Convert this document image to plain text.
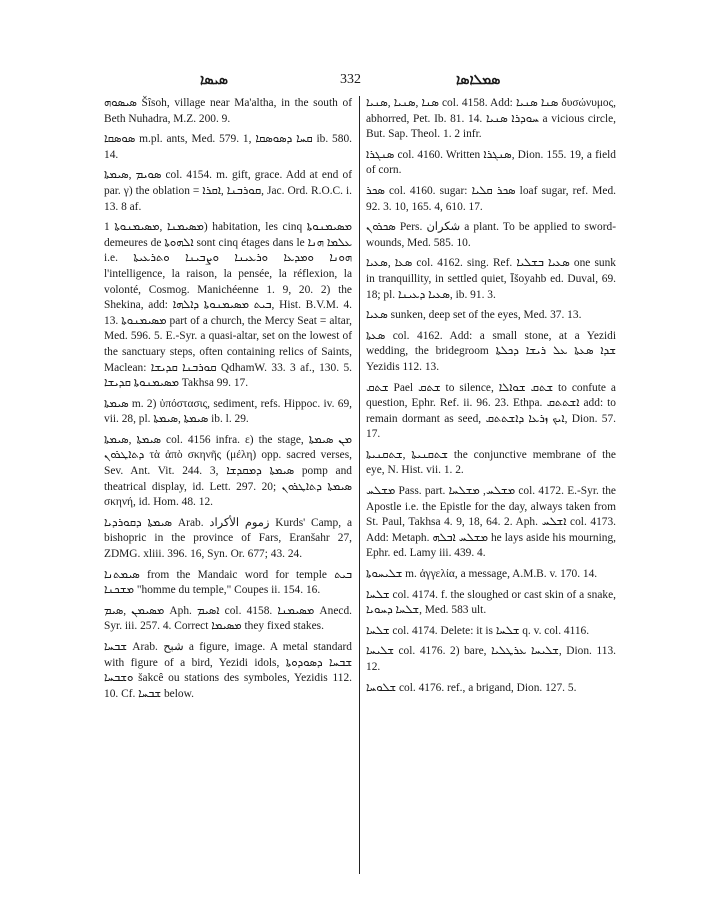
ܣܝܣܐ	332	ܣܡܠܐܣܐ

ܣܝܣܘܗ Šîsoh, village near Ma'altha, in the south of Beth Nuhadra, M.Z. 200. 9.

ܣܘܣܩܐ m.pl. ants, Med. 579. 1, ܩܚܐ ܕܣܘܣܩܐ ib. 580. 14.

ܣܘܝܡ ,ܣܝܡܬܐ col. 4154. m. gift, grace. Add at end of par. γ) the oblation = ܩܘܪܒܢܐ ,ܐܩܪܐ, Jac. Ord. R.O.C. i. 13. 8 af.

ܡܣܝܡܢܐ ,ܡܣܝܡܢܘܬܐ 1) habitation, les cinq ܡܣܝܡܢܘܬܐ demeures de ܐܠܗܘܬܐ sont cinq étages dans le ܥܠܡܐ ܗܢܐ i.e. ܗܘܢܐ ܘܡܕܥܐ ܘܪܥܝܢܐ ܘܨܒܝܢܐ ܘܬܪܥܝܬܐ l'intelligence, la raison, la pensée, la réflexion, la volonté, Cosmog. Manichéenne 1. 9, 20. 2) the Shekina, add: ܒܝܬ ܡܣܝܡܢܘܬܐ ܕܐܠܗܐ, Hist. B.V.M. 4. 13. ܡܣܝܡܢܘܬܐ part of a church, the Mercy Seat = altar, Med. 596. 5. E.-Syr. a quasi-altar, set on the lowest of the sanctuary steps, often containing relics of Saints, Maclean: ܩܘܪܒܢܐ ܩܕܝܫܐ QdhamW. 33. 3 af., 130. 5. ܡܣܝܡܢܘܬܐ ܩܕܝܫܐ Takhsa 99. 17.

ܣܝܡܬܐ m. 2) ὑπόστασις, sediment, refs. Hippoc. iv. 69, vii. 28, pl. ܣܝܡܬܐ ,ܣܝܡܬܐ ib. l. 29.

ܣܝܡܬܐ ,ܣܝܡܬܐ col. 4156 infra. ε) the stage, ܡܢ ܣܝܡܬܐ ܕܬܐܛܪܘܢ τὰ ἀπὸ σκηνῆς (μέλη) opp. sacred verses, Sev. Ant. Vit. 244. 3, ܣܝܡܬܐ ܕܡܩܕܫܐ pomp and theatrical display, id. Lett. 297. 20; ܣܝܡܬܐ ܕܬܐܛܪܘܢ σκηνή, id. Hom. 48. 12.

ܣܝܡܬܐ ܕܩܘܪܕܝܐ Arab. زموم الأكراد Kurds' Camp, a bishopric in the province of Fars, Eranšahr 27, ZDMG. xliii. 396. 16, Syn. Or. 677; 43. 24.

ܣܝܡܬܢܐ from the Mandaic word for temple ܒܝܬ ܡܫܟܢܐ "homme du temple," Coupes ii. 154. 16.

ܡܣܝܡܢ ,ܣܝܡ Aph. ܐܣܝܡ col. 4158. ܡܣܝܡܢܐ Anecd. Syr. iii. 257. 4. Correct ܡܣܝܡܐ they fixed stakes.

ܫܒܚܐ Arab. شبح a figure, image. A metal standard with figure of a bird, Yezidi idols, ܫܒܚܐ ܕܣܘܕܘܬܐ ܘܫܒܚܐ šakcê ou stations des symboles, Yezidis 112. 10. Cf. ܫܒܚܐ below.

ܣܢܐ ,ܣܢܝܐ ,ܣܢܝܐ col. 4158. Add: ܣܢܐ ܣܢܝܐ δυσώνυμος, abhorred, Pet. Ib. 81. 14. ܚܘܕܪܐ ܣܢܝܐ a vicious circle, But. Sap. Theol. 1. 2 infr.

ܣܢܓܪܐ col. 4160. Written ܣܢܓܪܐ, Dion. 155. 19, a field of corn.

ܣܟܪ col. 4160. sugar: ܣܟܪ ܩܠܝܐ loaf sugar, ref. Med. 92. 3. 10, 165. 4, 610. 17.

ܣܟܪܘܢ Pers. شكران a plant. To be applied to sword-wounds, Med. 585. 10.

ܣܥܐ ,ܣܥܝܐ col. 4162. sing. Ref. ܣܥܝܐ ܒܫܠܝܐ one sunk in tranquillity, in settled quiet, Īšoyahb ed. Duval, 69. 18; pl. ܣܥܝܐ ܕܥܝܢܐ, ib. 91. 3.

ܣܥܝܐ sunken, deep set of the eyes, Med. 37. 13.

ܣܥܬܐ col. 4162. Add: a small stone, at a Yezidi wedding, the bridegroom ܫܕܐ ܣܥܬܐ ܥܠ ܪܝܫܐ ܕܟܠܬܐ Yezidis 112. 13.

ܫܬܩ Pael ܫܬܩ to silence, ܫܬܩ ܫܘܐܠܐ to confute a question, Ephr. Ref. ii. 96. 23. Ethpa. ܐܫܬܬܩ add: to remain dormant as seed, ܐܝܟ ܙܪܥܐ ܕܐܫܬܬܩ, Dion. 57. 17.

ܫܬܩܢܝܬܐ ,ܫܬܩܢܝܬܐ the conjunctive membrane of the eye, N. Hist. vii. 1. 2.

ܡܫܠܚ Pass. part. ܡܫܠܚ, ܡܫܠܚܐ col. 4172. E.-Syr. the Apostle i.e. the Epistle for the day, always taken from St. Paul, Takhsa 4. 9, 18, 64. 2. Aph. ܐܫܠܚ col. 4173. Add: Metaph. ܡܫܠܚ ܐܒܠܗ he lays aside his mourning, Ephr. ed. Lamy iii. 439. 4.

ܫܠܝܚܘܬܐ m. ἀγγελία, a message, A.M.B. v. 170. 14.

ܫܠܚܐ col. 4174. f. the sloughed or cast skin of a snake, ܫܠܚܐ ܕܚܘܝܐ, Med. 583 ult.

ܫܠܚܐ col. 4174. Delete: it is ܫܠܚܐ q. v. col. 4116.

ܫܠܝܚܐ col. 4176. 2) bare, ܫܠܝܚܐ ܥܪܛܠܝܐ, Dion. 113. 12.

ܫܠܘܚܐ col. 4176. ref., a brigand, Dion. 127. 5.
